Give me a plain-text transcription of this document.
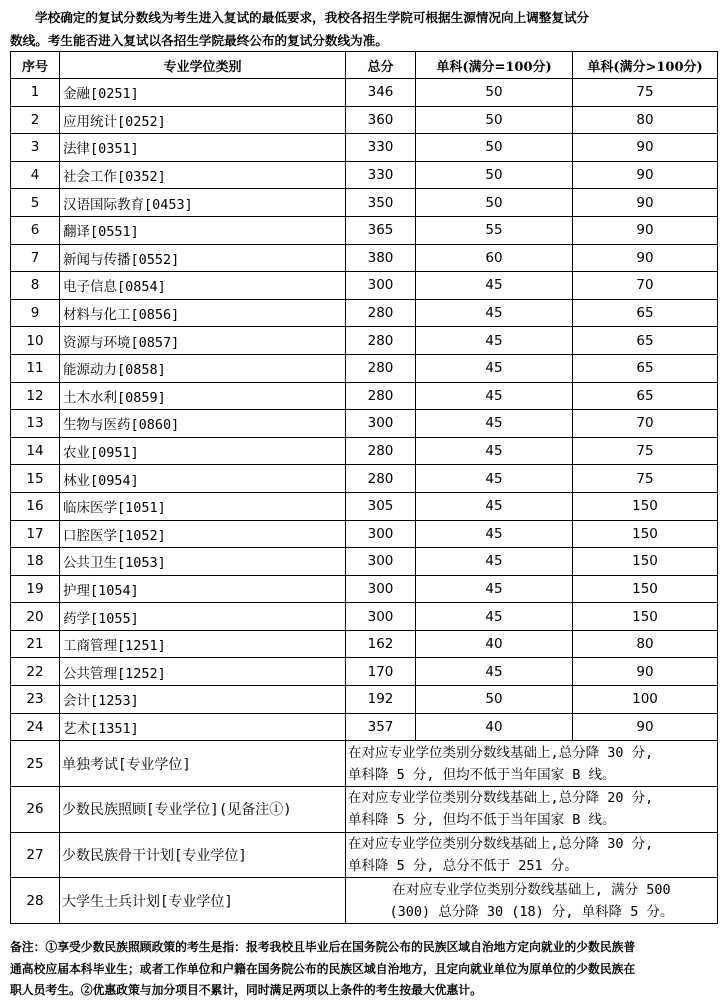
学校确定的复试分数线为考生进入复试的最低要求，我校各招生学院可根据生源情况向上调整复试分
数线。考生能否进入复试以各招生学院最终公布的复试分数线为准。
序号	专业学位类别	总分	单科(满分=100分)	单科(满分>100分)
1	金融[0251]	346	50	75
2	应用统计[0252]	360	50	80
3	法律[0351]	330	50	90
4	社会工作[0352]	330	50	90
5	汉语国际教育[0453]	350	50	90
6	翻译[0551]	365	55	90
7	新闻与传播[0552]	380	60	90
8	电子信息[0854]	300	45	70
9	材料与化工[0856]	280	45	65
10	资源与环境[0857]	280	45	65
11	能源动力[0858]	280	45	65
12	土木水利[0859]	280	45	65
13	生物与医药[0860]	300	45	70
14	农业[0951]	280	45	75
15	林业[0954]	280	45	75
16	临床医学[1051]	305	45	150
17	口腔医学[1052]	300	45	150
18	公共卫生[1053]	300	45	150
19	护理[1054]	300	45	150
20	药学[1055]	300	45	150
21	工商管理[1251]	162	40	80
22	公共管理[1252]	170	45	90
23	会计[1253]	192	50	100
24	艺术[1351]	357	40	90
25	单独考试[专业学位]	在对应专业学位类别分数线基础上,总分降 30 分,
单科降 5 分, 但均不低于当年国家 B 线。		

26	少数民族照顾[专业学位](见备注①)	在对应专业学位类别分数线基础上,总分降 20 分,
单科降 5 分, 但均不低于当年国家 B 线。		

27	少数民族骨干计划[专业学位]	在对应专业学位类别分数线基础上,总分降 30 分,
单科降 5 分, 总分不低于 251 分。		

28	大学生士兵计划[专业学位]	在对应专业学位类别分数线基础上, 满分 500
(300) 总分降 30 (18) 分, 单科降 5 分。		
备注：①享受少数民族照顾政策的考生是指：报考我校且毕业后在国务院公布的民族区域自治地方定向就业的少数民族普
通高校应届本科毕业生；或者工作单位和户籍在国务院公布的民族区域自治地方，且定向就业单位为原单位的少数民族在
职人员考生。②优惠政策与加分项目不累计，同时满足两项以上条件的考生按最大优惠计。
